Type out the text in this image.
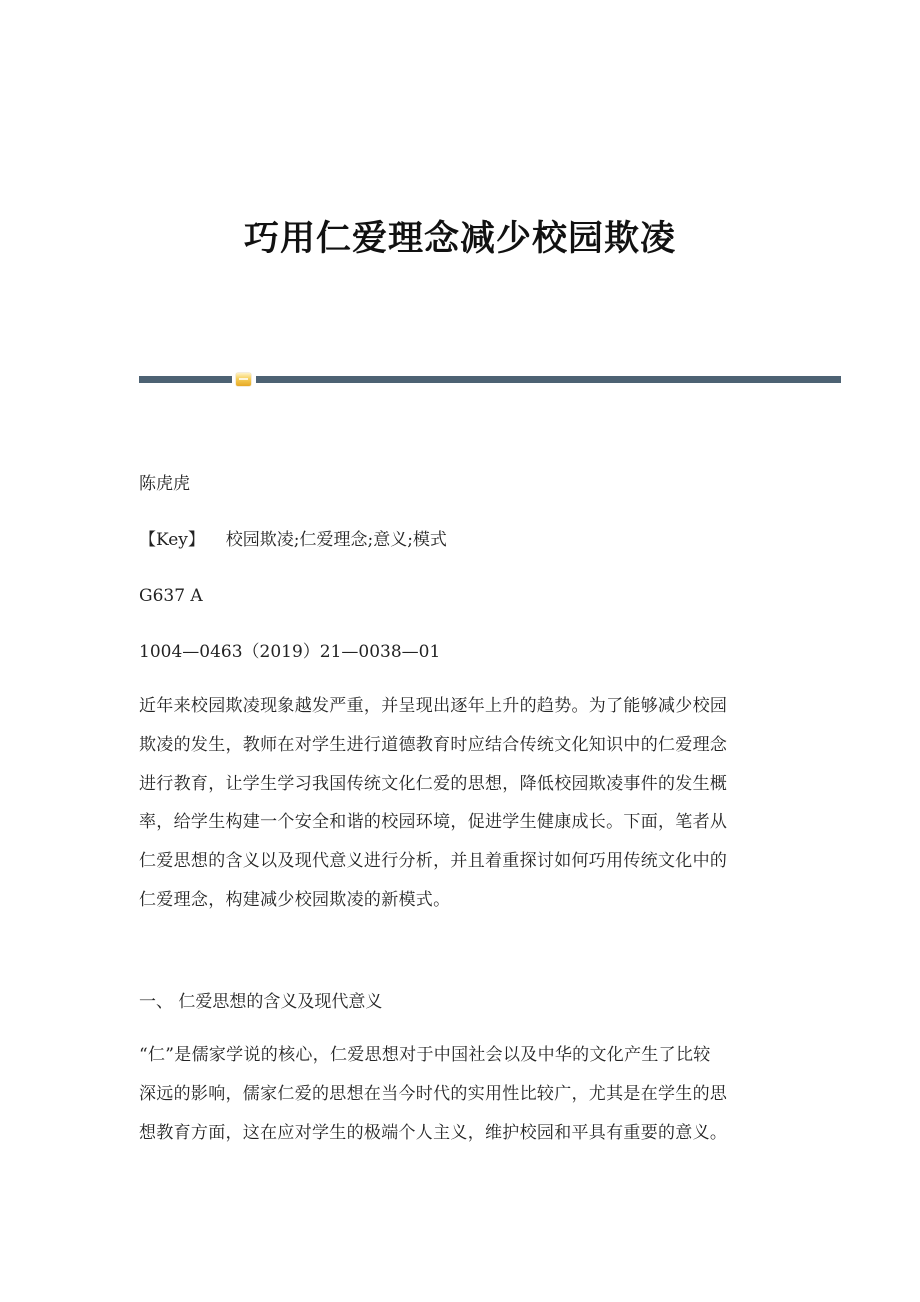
巧用仁爱理念减少校园欺凌
陈虎虎
【Key】 校园欺凌;仁爱理念;意义;模式
G637 A
1004—0463（2019）21—0038—01
近年来校园欺凌现象越发严重，并呈现出逐年上升的趋势。为了能够减少校园
欺凌的发生，教师在对学生进行道德教育时应结合传统文化知识中的仁爱理念
进行教育，让学生学习我国传统文化仁爱的思想，降低校园欺凌事件的发生概
率，给学生构建一个安全和谐的校园环境，促进学生健康成长。下面，笔者从
仁爱思想的含义以及现代意义进行分析，并且着重探讨如何巧用传统文化中的
仁爱理念，构建减少校园欺凌的新模式。
一、 仁爱思想的含义及现代意义
“仁”是儒家学说的核心，仁爱思想对于中国社会以及中华的文化产生了比较
深远的影响，儒家仁爱的思想在当今时代的实用性比较广，尤其是在学生的思
想教育方面，这在应对学生的极端个人主义，维护校园和平具有重要的意义。
